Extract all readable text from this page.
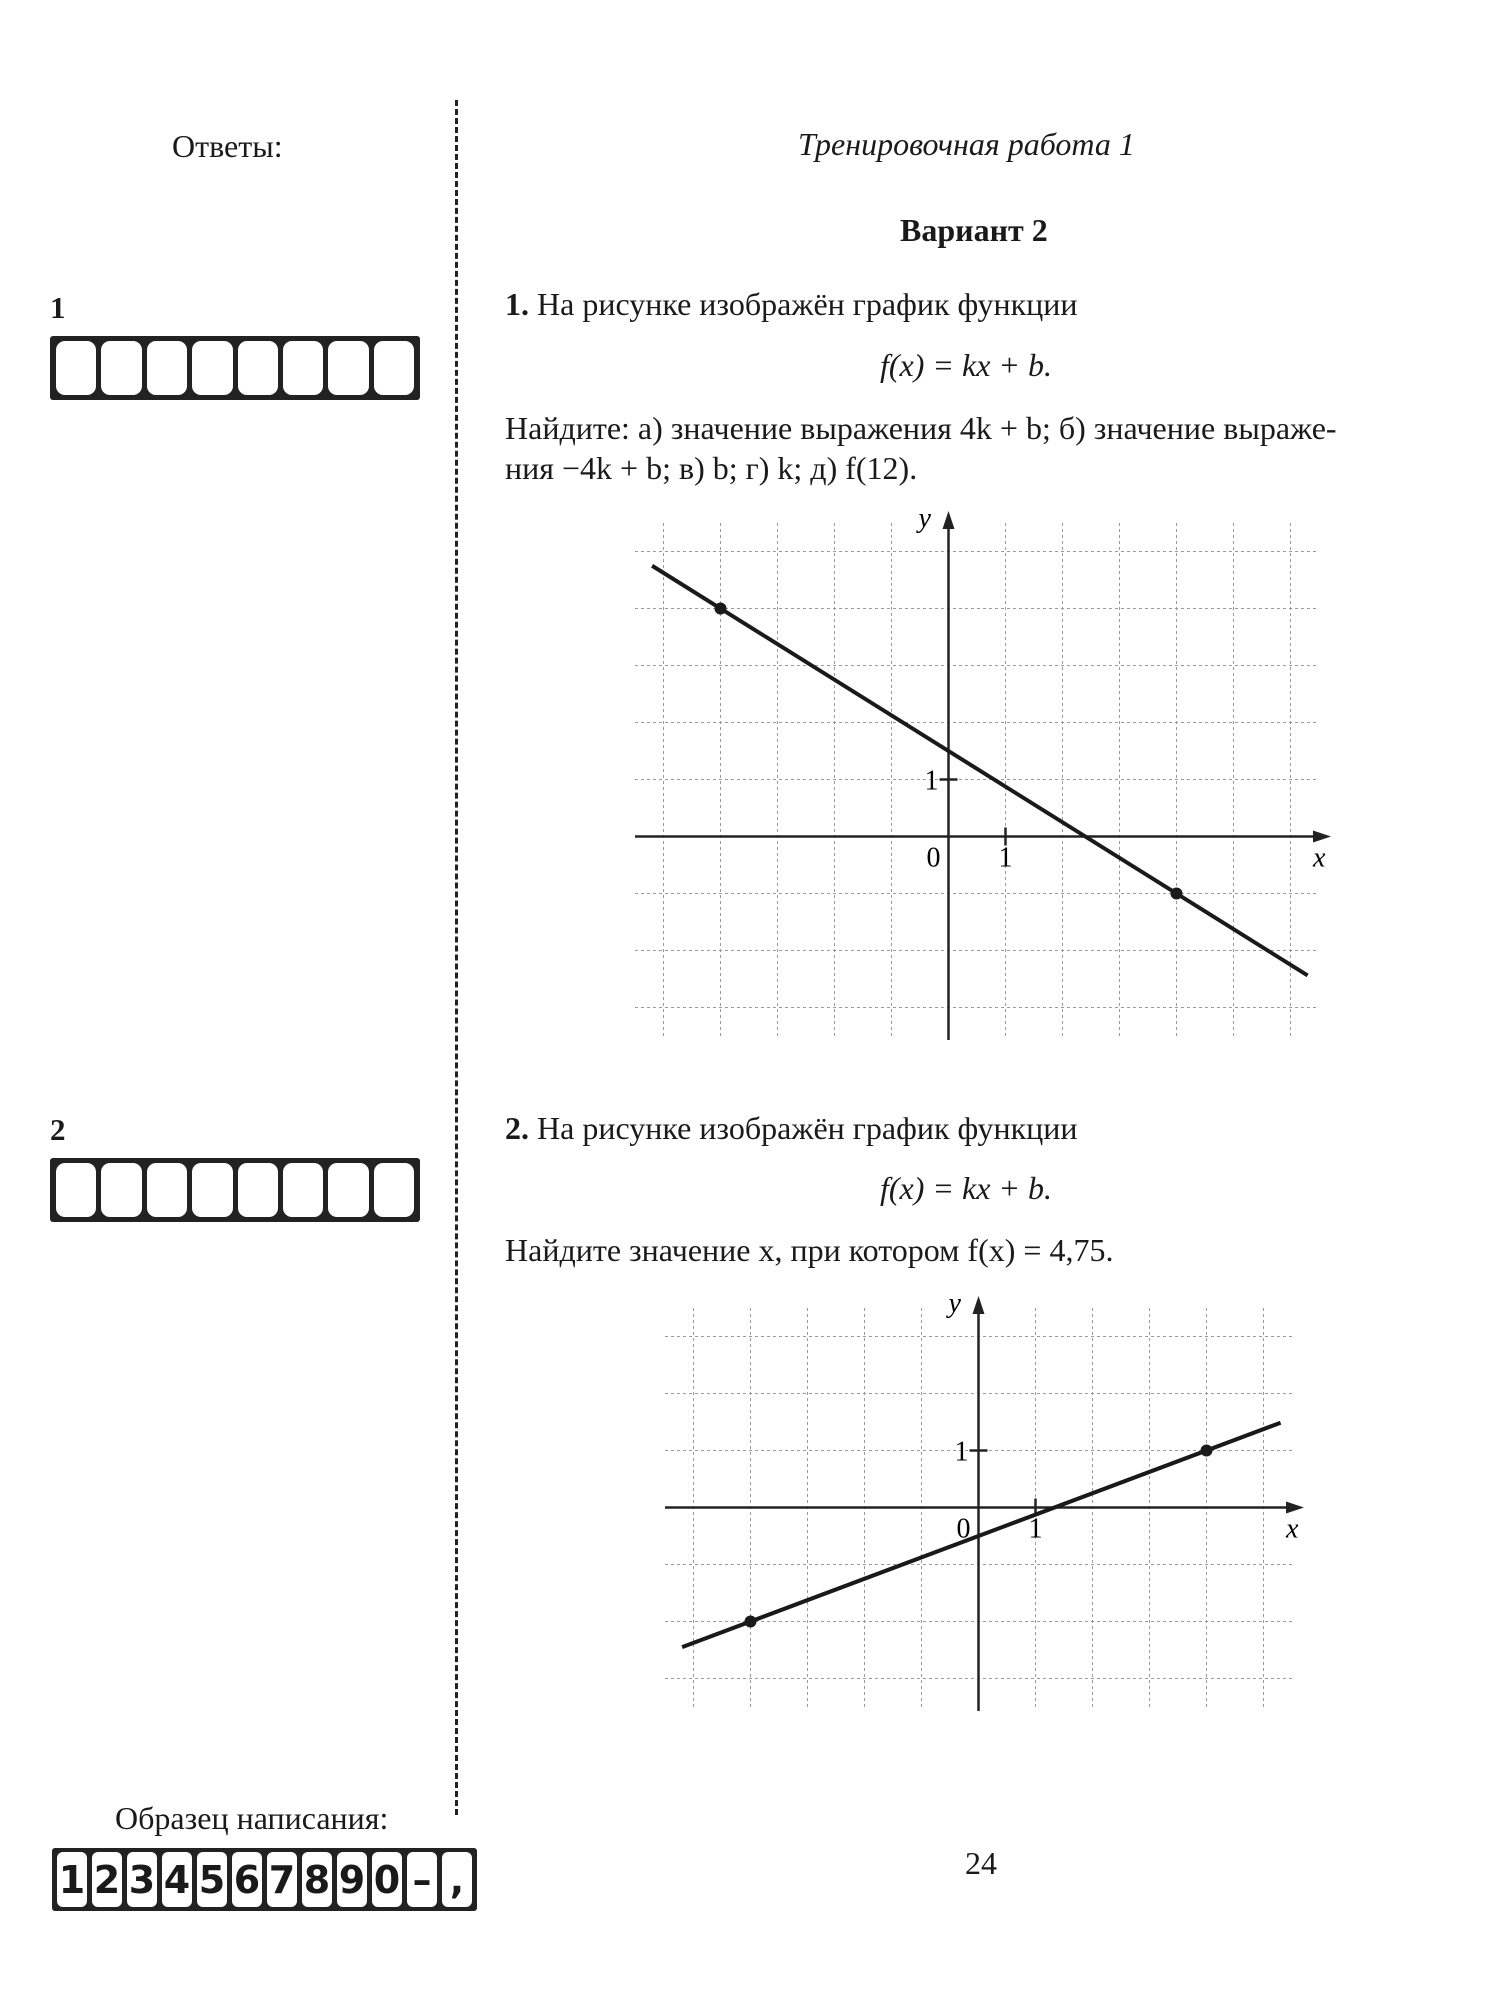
Ответы:
1
2
Образец написания:
1 2 3 4 5 6 7 8 9 0 – ,
Тренировочная работа 1
Вариант 2
1. На рисунке изображён график функции
f(x) = kx + b.
Найдите: а) значение выражения 4k + b; б) значение выраже-
ния −4k + b; в) b; г) k; д) f(12).
0 1
1
x
y
2. На рисунке изображён график функции
f(x) = kx + b.
Найдите значение x, при котором f(x) = 4,75.
0 1
1
x
y
24
